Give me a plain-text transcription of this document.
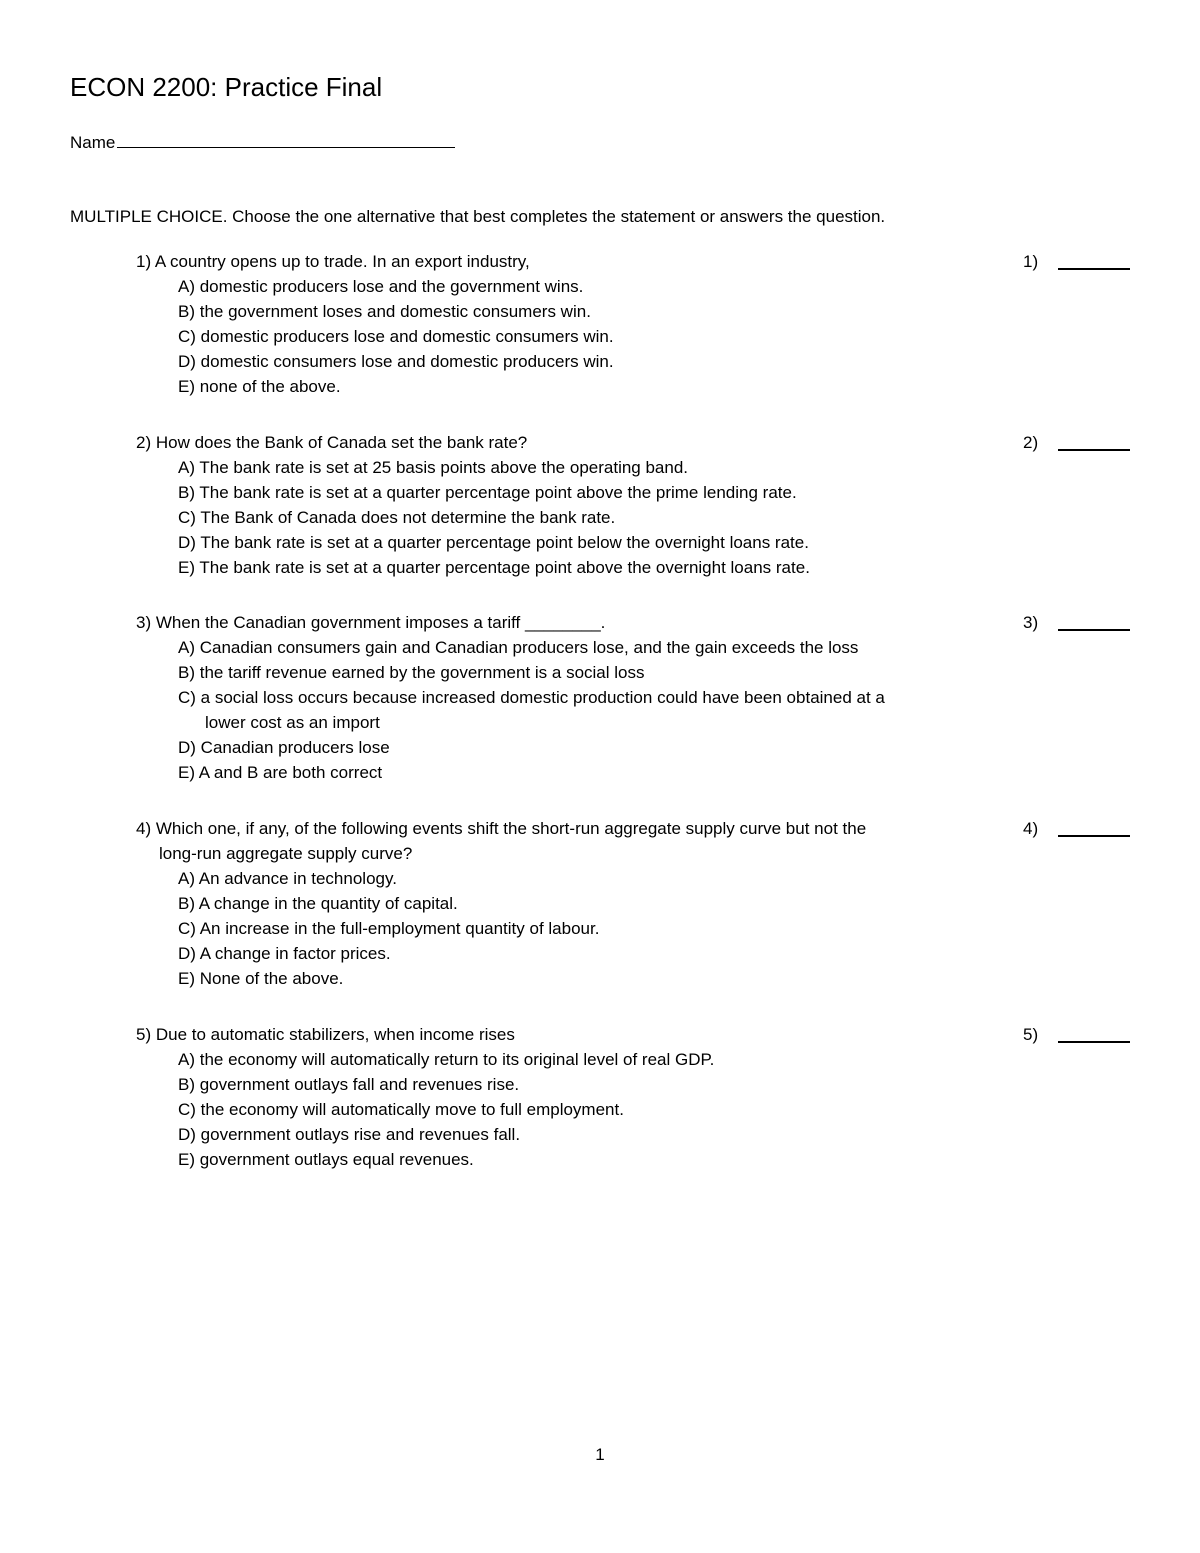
ECON 2200: Practice Final
Name
MULTIPLE CHOICE. Choose the one alternative that best completes the statement or answers the question.
1) A country opens up to trade. In an export industry,
A) domestic producers lose and the government wins.
B) the government loses and domestic consumers win.
C) domestic producers lose and domestic consumers win.
D) domestic consumers lose and domestic producers win.
E) none of the above.
1)
2) How does the Bank of Canada set the bank rate?
A) The bank rate is set at 25 basis points above the operating band.
B) The bank rate is set at a quarter percentage point above the prime lending rate.
C) The Bank of Canada does not determine the bank rate.
D) The bank rate is set at a quarter percentage point below the overnight loans rate.
E) The bank rate is set at a quarter percentage point above the overnight loans rate.
2)
3) When the Canadian government imposes a tariff ________.
A) Canadian consumers gain and Canadian producers lose, and the gain exceeds the loss
B) the tariff revenue earned by the government is a social loss
C) a social loss occurs because increased domestic production could have been obtained at a
lower cost as an import
D) Canadian producers lose
E) A and B are both correct
3)
4) Which one, if any, of the following events shift the short-run aggregate supply curve but not the
long-run aggregate supply curve?
A) An advance in technology.
B) A change in the quantity of capital.
C) An increase in the full-employment quantity of labour.
D) A change in factor prices.
E) None of the above.
4)
5) Due to automatic stabilizers, when income rises
A) the economy will automatically return to its original level of real GDP.
B) government outlays fall and revenues rise.
C) the economy will automatically move to full employment.
D) government outlays rise and revenues fall.
E) government outlays equal revenues.
5)
1
